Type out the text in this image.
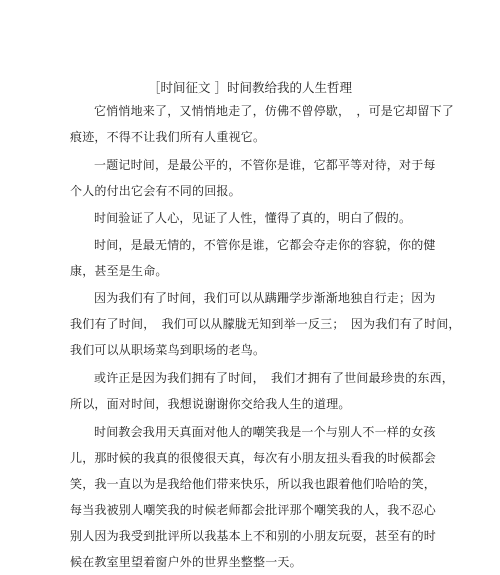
［时间征文 ］时间教给我的人生哲理
它悄悄地来了，又悄悄地走了，仿佛不曾停歇，　，可是它却留下了
痕迹，不得不让我们所有人重视它。
一题记时间，是最公平的，不管你是谁，它都平等对待，对于每
个人的付出它会有不同的回报。
时间验证了人心，见证了人性，懂得了真的，明白了假的。
时间，是最无情的，不管你是谁，它都会夺走你的容貌，你的健
康，甚至是生命。
因为我们有了时间，我们可以从蹒跚学步渐渐地独自行走；因为
我们有了时间，　我们可以从朦胧无知到举一反三；　因为我们有了时间，
我们可以从职场菜鸟到职场的老鸟。
或许正是因为我们拥有了时间，　我们才拥有了世间最珍贵的东西，
所以，面对时间，我想说谢谢你交给我人生的道理。
时间教会我用天真面对他人的嘲笑我是一个与别人不一样的女孩
儿，那时候的我真的很傻很天真，每次有小朋友扭头看我的时候都会
笑，我一直以为是我给他们带来快乐，所以我也跟着他们哈哈的笑，
每当我被别人嘲笑我的时候老师都会批评那个嘲笑我的人，我不忍心
别人因为我受到批评所以我基本上不和别的小朋友玩耍，甚至有的时
候在教室里望着窗户外的世界坐整整一天。
